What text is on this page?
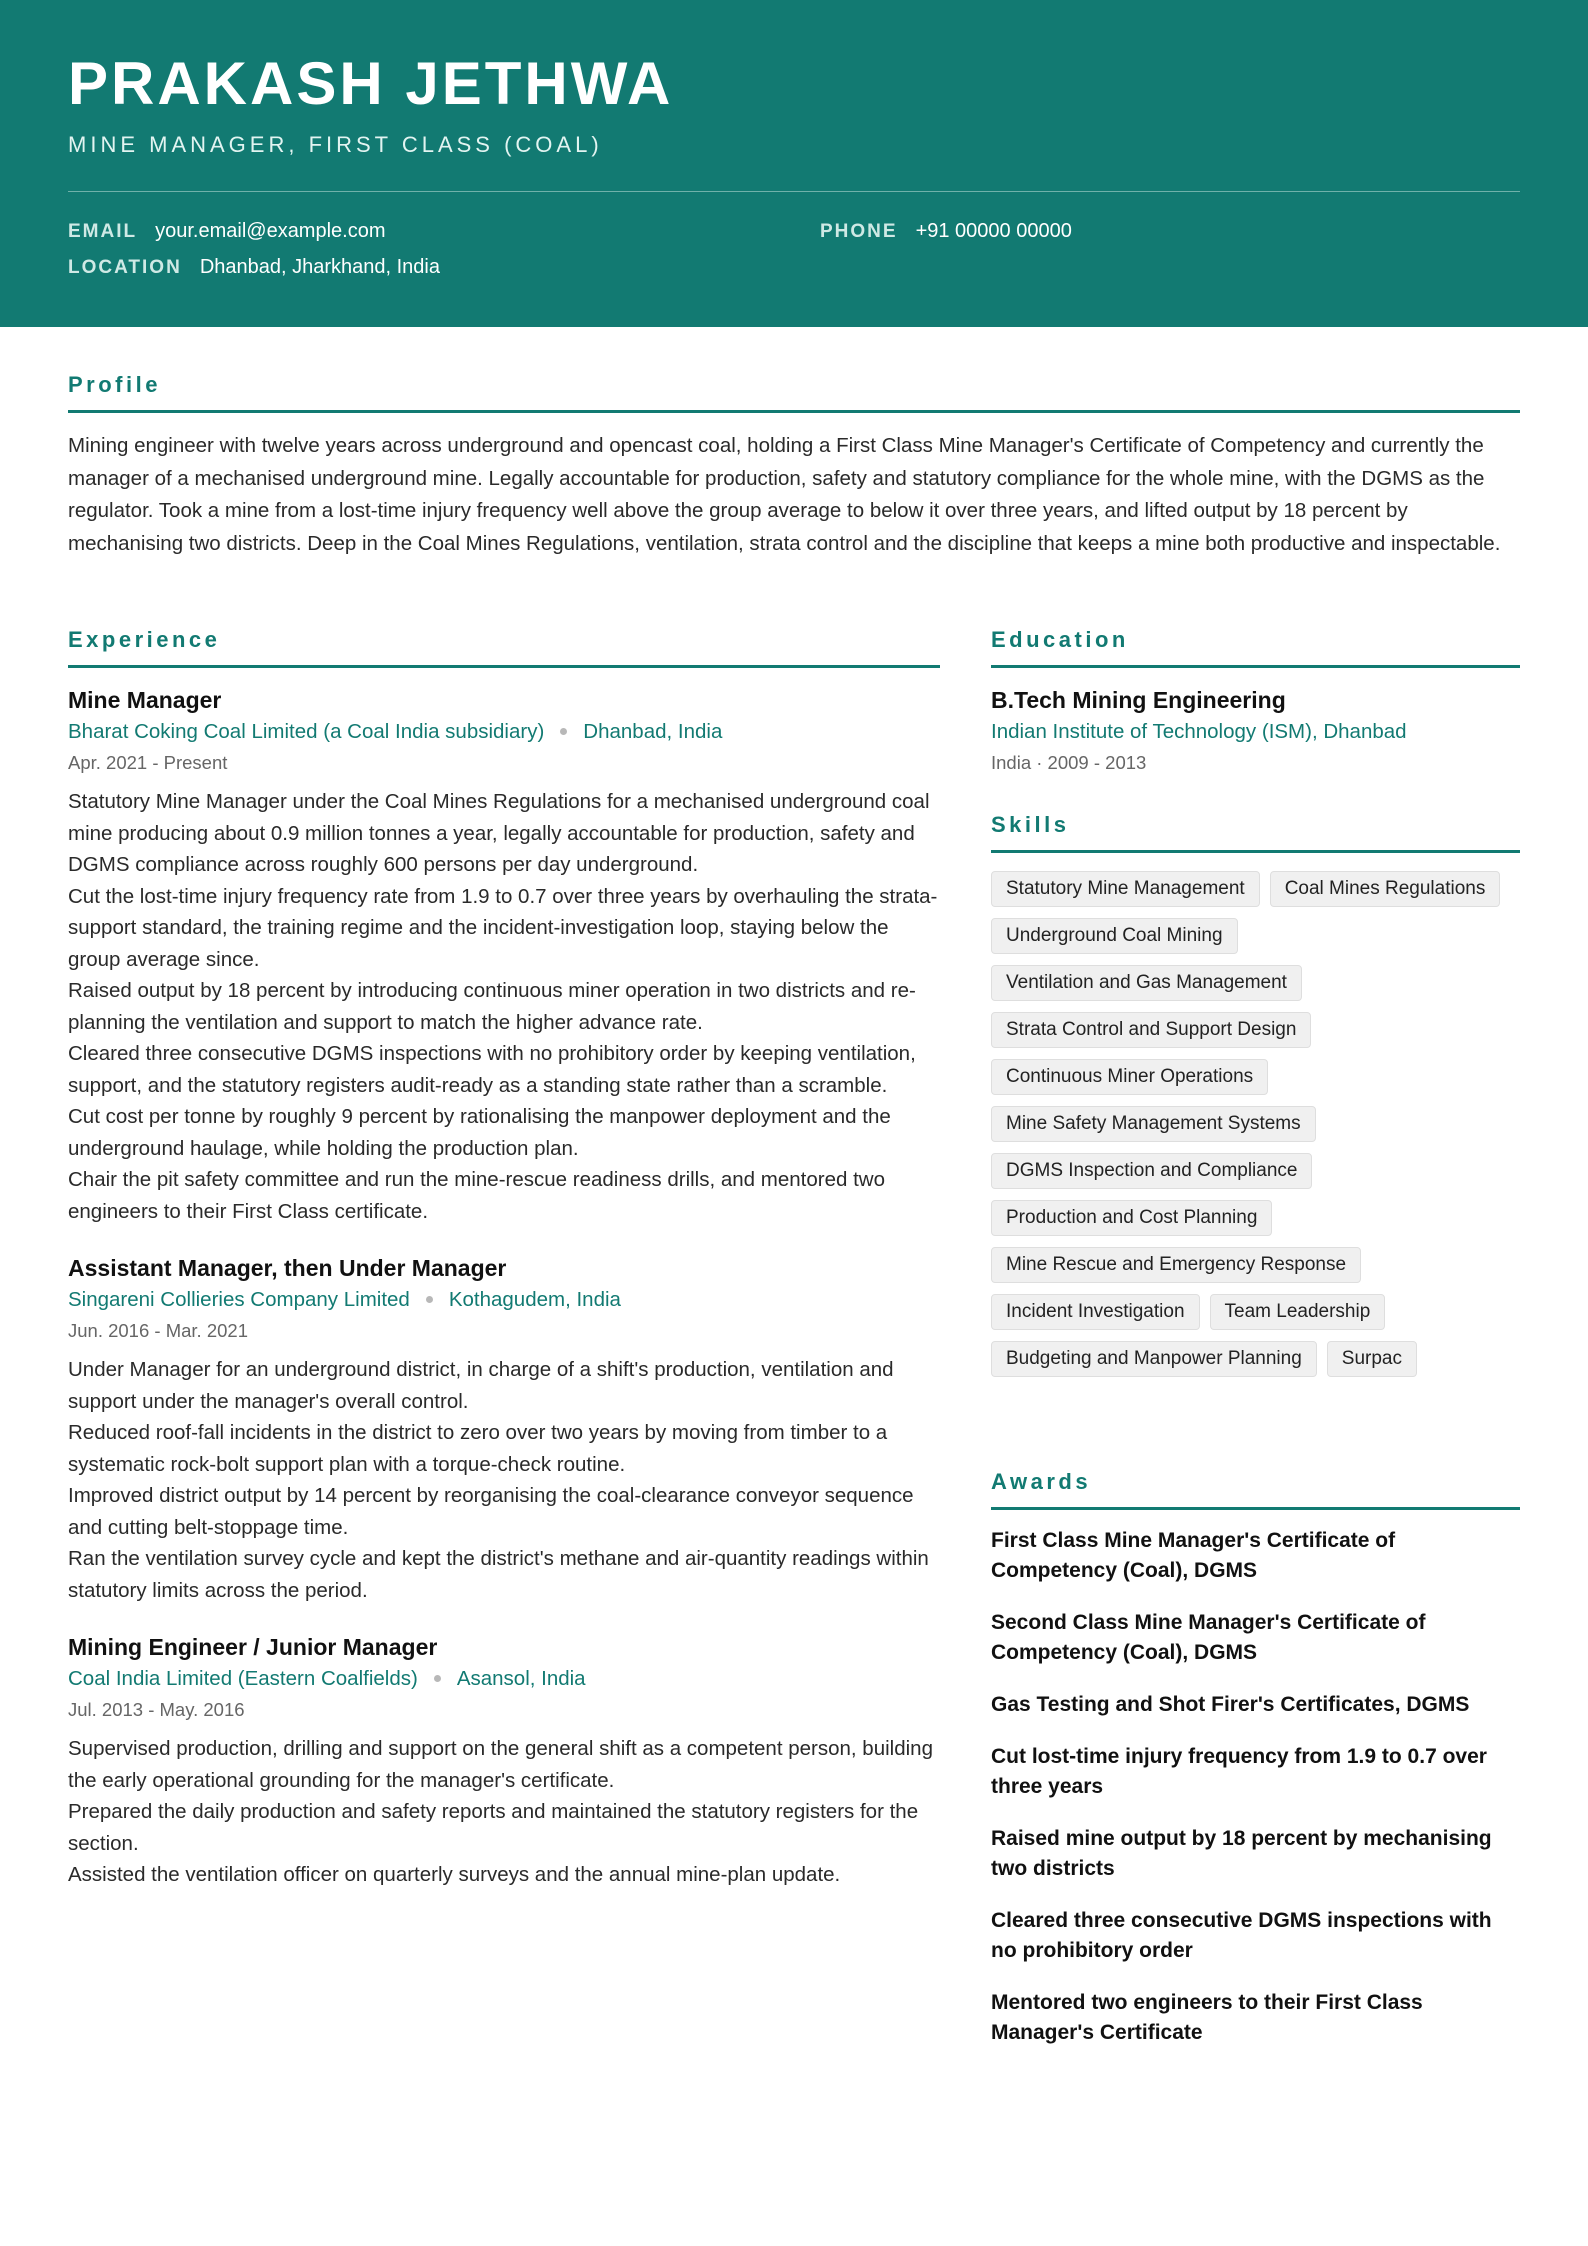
PRAKASH JETHWA
MINE MANAGER, FIRST CLASS (COAL)
EMAIL your.email@example.com	PHONE +91 00000 00000
LOCATION Dhanbad, Jharkhand, India
Profile
Mining engineer with twelve years across underground and opencast coal, holding a First Class Mine Manager's Certificate of Competency and currently the manager of a mechanised underground mine. Legally accountable for production, safety and statutory compliance for the whole mine, with the DGMS as the regulator. Took a mine from a lost-time injury frequency well above the group average to below it over three years, and lifted output by 18 percent by mechanising two districts. Deep in the Coal Mines Regulations, ventilation, strata control and the discipline that keeps a mine both productive and inspectable.
Experience
Mine Manager
Bharat Coking Coal Limited (a Coal India subsidiary) Dhanbad, India
Apr. 2021 - Present

Statutory Mine Manager under the Coal Mines Regulations for a mechanised underground coal mine producing about 0.9 million tonnes a year, legally accountable for production, safety and DGMS compliance across roughly 600 persons per day underground.

Cut the lost-time injury frequency rate from 1.9 to 0.7 over three years by overhauling the strata-support standard, the training regime and the incident-investigation loop, staying below the group average since.

Raised output by 18 percent by introducing continuous miner operation in two districts and re-planning the ventilation and support to match the higher advance rate.

Cleared three consecutive DGMS inspections with no prohibitory order by keeping ventilation, support, and the statutory registers audit-ready as a standing state rather than a scramble.

Cut cost per tonne by roughly 9 percent by rationalising the manpower deployment and the underground haulage, while holding the production plan.

Chair the pit safety committee and run the mine-rescue readiness drills, and mentored two engineers to their First Class certificate.

Assistant Manager, then Under Manager
Singareni Collieries Company Limited Kothagudem, India
Jun. 2016 - Mar. 2021

Under Manager for an underground district, in charge of a shift's production, ventilation and support under the manager's overall control.

Reduced roof-fall incidents in the district to zero over two years by moving from timber to a systematic rock-bolt support plan with a torque-check routine.

Improved district output by 14 percent by reorganising the coal-clearance conveyor sequence and cutting belt-stoppage time.

Ran the ventilation survey cycle and kept the district's methane and air-quantity readings within statutory limits across the period.

Mining Engineer / Junior Manager
Coal India Limited (Eastern Coalfields) Asansol, India
Jul. 2013 - May. 2016

Supervised production, drilling and support on the general shift as a competent person, building the early operational grounding for the manager's certificate.

Prepared the daily production and safety reports and maintained the statutory registers for the section.

Assisted the ventilation officer on quarterly surveys and the annual mine-plan update.

Education
B.Tech Mining Engineering
Indian Institute of Technology (ISM), Dhanbad
India · 2009 - 2013
Skills
Statutory Mine Management	Coal Mines Regulations
Underground Coal Mining
Ventilation and Gas Management
Strata Control and Support Design
Continuous Miner Operations
Mine Safety Management Systems
DGMS Inspection and Compliance
Production and Cost Planning
Mine Rescue and Emergency Response
Incident Investigation	Team Leadership
Budgeting and Manpower Planning	Surpac
Awards
First Class Mine Manager's Certificate of Competency (Coal), DGMS
Second Class Mine Manager's Certificate of Competency (Coal), DGMS
Gas Testing and Shot Firer's Certificates, DGMS
Cut lost-time injury frequency from 1.9 to 0.7 over three years
Raised mine output by 18 percent by mechanising two districts
Cleared three consecutive DGMS inspections with no prohibitory order
Mentored two engineers to their First Class Manager's Certificate
